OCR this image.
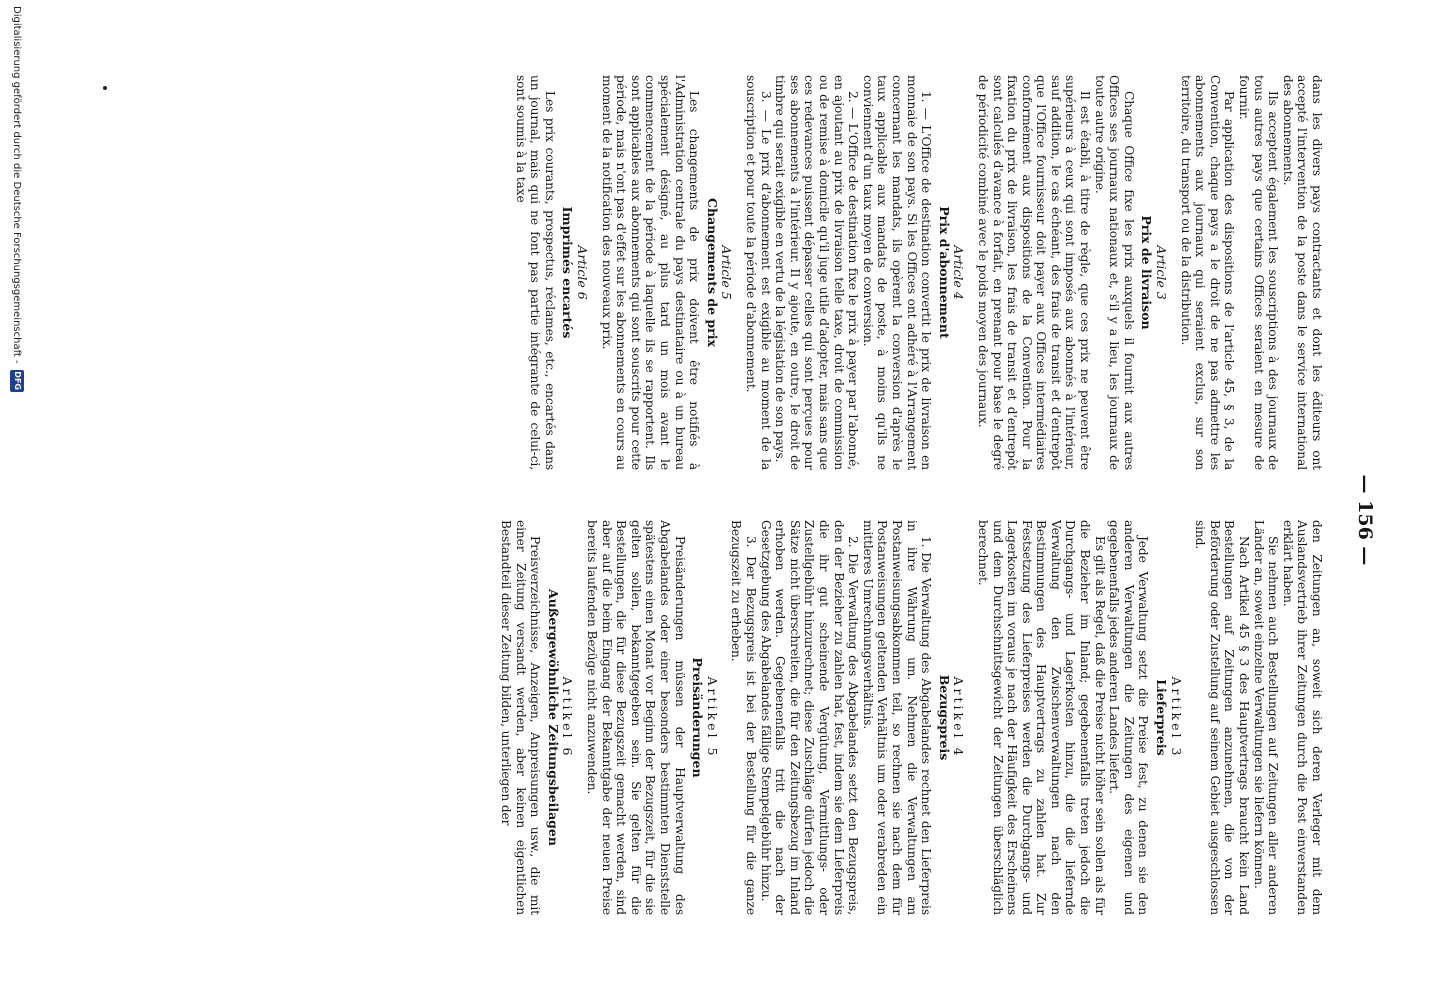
— 156 —

dans les divers pays contractants et dont les éditeurs ont accepté l'intervention de la poste dans le service international des abonnements.

Ils acceptent également les souscriptions à des journaux de tous autres pays que certains Offices seraient en mesure de fournir.

Par application des dispositions de l'article 45, § 3, de la Convention, chaque pays a le droit de ne pas admettre les abonnements aux journaux qui seraient exclus, sur son territoire, du transport ou de la distribution.

Article 3

Prix de livraison

Chaque Office fixe les prix auxquels il fournit aux autres Offices ses journaux nationaux et, s'il y a lieu, les journaux de toute autre origine.

Il est établi, à titre de règle, que ces prix ne peuvent être supérieurs à ceux qui sont imposés aux abonnés à l'intérieur, sauf addition, le cas échéant, des frais de transit et d'entrepôt que l'Office fournisseur doit payer aux Offices intermédiaires conformément aux dispositions de la Convention. Pour la fixation du prix de livraison, les frais de transit et d'entrepôt sont calculés d'avance à forfait, en prenant pour base le degré de périodicité combiné avec le poids moyen des journaux.

Article 4

Prix d'abonnement

1. — L'Office de destination convertit le prix de livraison en monnaie de son pays. Si les Offices ont adhéré à l'Arrangement concernant les mandats, ils opèrent la conversion d'après le taux applicable aux mandats de poste, à moins qu'ils ne conviennent d'un taux moyen de conversion.

2. — L'Office de destination fixe le prix à payer par l'abonné, en ajoutant au prix de livraison telle taxe, droit de commission ou de remise à domicile qu'il juge utile d'adopter, mais sans que ces redevances puissent dépasser celles qui sont perçues pour ses abonnements à l'intérieur. Il y ajoute, en outre, le droit de timbre qui serait exigible en vertu de la législation de son pays.

3. — Le prix d'abonnement est exigible au moment de la souscription et pour toute la période d'abonnement.

Article 5

Changements de prix

Les changements de prix doivent être notifiés à l'Administration centrale du pays destinataire ou à un bureau spécialement désigné, au plus tard un mois avant le commencement de la période à laquelle ils se rapportent. Ils sont applicables aux abonnements qui sont souscrits pour cette période, mais n'ont pas d'effet sur les abonnements en cours au moment de la notification des nouveaux prix.

Article 6

Imprimés encartés

Les prix courants, prospectus, réclames, etc., encartés dans un journal, mais qui ne font pas partie intégrante de celui-ci, sont soumis à la taxe

den Zeitungen an, soweit sich deren Verleger mit dem Auslandsvertrieb ihrer Zeitungen durch die Post einverstanden erklärt haben.

Sie nehmen auch Bestellungen auf Zeitungen aller anderen Länder an, soweit einzelne Verwaltungen sie liefern können.

Nach Artikel 45 § 3 des Hauptvertrags braucht kein Land Bestellungen auf Zeitungen anzunehmen, die von der Beförderung oder Zustellung auf seinem Gebiet ausgeschlossen sind.

Artikel 3

Lieferpreis

Jede Verwaltung setzt die Preise fest, zu denen sie den anderen Verwaltungen die Zeitungen des eigenen und gegebenenfalls jedes anderen Landes liefert.

Es gilt als Regel, daß die Preise nicht höher sein sollen als für die Bezieher im Inland; gegebenenfalls treten jedoch die Durchgangs- und Lagerkosten hinzu, die die liefernde Verwaltung den Zwischenverwaltungen nach den Bestimmungen des Hauptvertrags zu zahlen hat. Zur Festsetzung des Lieferpreises werden die Durchgangs- und Lagerkosten im voraus je nach der Häufigkeit des Erscheinens und dem Durchschnittsgewicht der Zeitungen überschläglich berechnet.

Artikel 4

Bezugspreis

1. Die Verwaltung des Abgabelandes rechnet den Lieferpreis in ihre Währung um. Nehmen die Verwaltungen am Postanweisungsabkommen teil, so rechnen sie nach dem für Postanweisungen geltenden Verhältnis um oder verabreden ein mittleres Umrechnungsverhältnis.

2. Die Verwaltung des Abgabelandes setzt den Bezugspreis, den der Bezieher zu zahlen hat, fest, indem sie dem Lieferpreis die ihr gut scheinende Vergütung, Vermittlungs- oder Zustellgebühr hinzurechnet; diese Zuschläge dürfen jedoch die Sätze nicht überschreiten, die für den Zeitungsbezug im Inland erhoben werden. Gegebenenfalls tritt die nach der Gesetzgebung des Abgabelandes fällige Stempelgebühr hinzu.

3. Der Bezugspreis ist bei der Bestellung für die ganze Bezugszeit zu erheben.

Artikel 5

Preisänderungen

Preisänderungen müssen der Hauptverwaltung des Abgabelandes oder einer besonders bestimmten Dienststelle spätestens einen Monat vor Beginn der Bezugszeit, für die sie gelten sollen, bekanntgegeben sein. Sie gelten für die Bestellungen, die für diese Bezugszeit gemacht werden, sind aber auf die beim Eingang der Bekanntgabe der neuen Preise bereits laufenden Bezüge nicht anzuwenden.

Artikel 6

Außergewöhnliche Zeitungsbeilagen

Preisverzeichnisse, Anzeigen, Anpreisungen usw., die mit einer Zeitung versandt werden, aber keinen eigentlichen Bestandteil dieser Zeitung bilden, unterliegen der

Digitalisierung gefördert durch die Deutsche Forschungsgemeinschaft -
DFG
